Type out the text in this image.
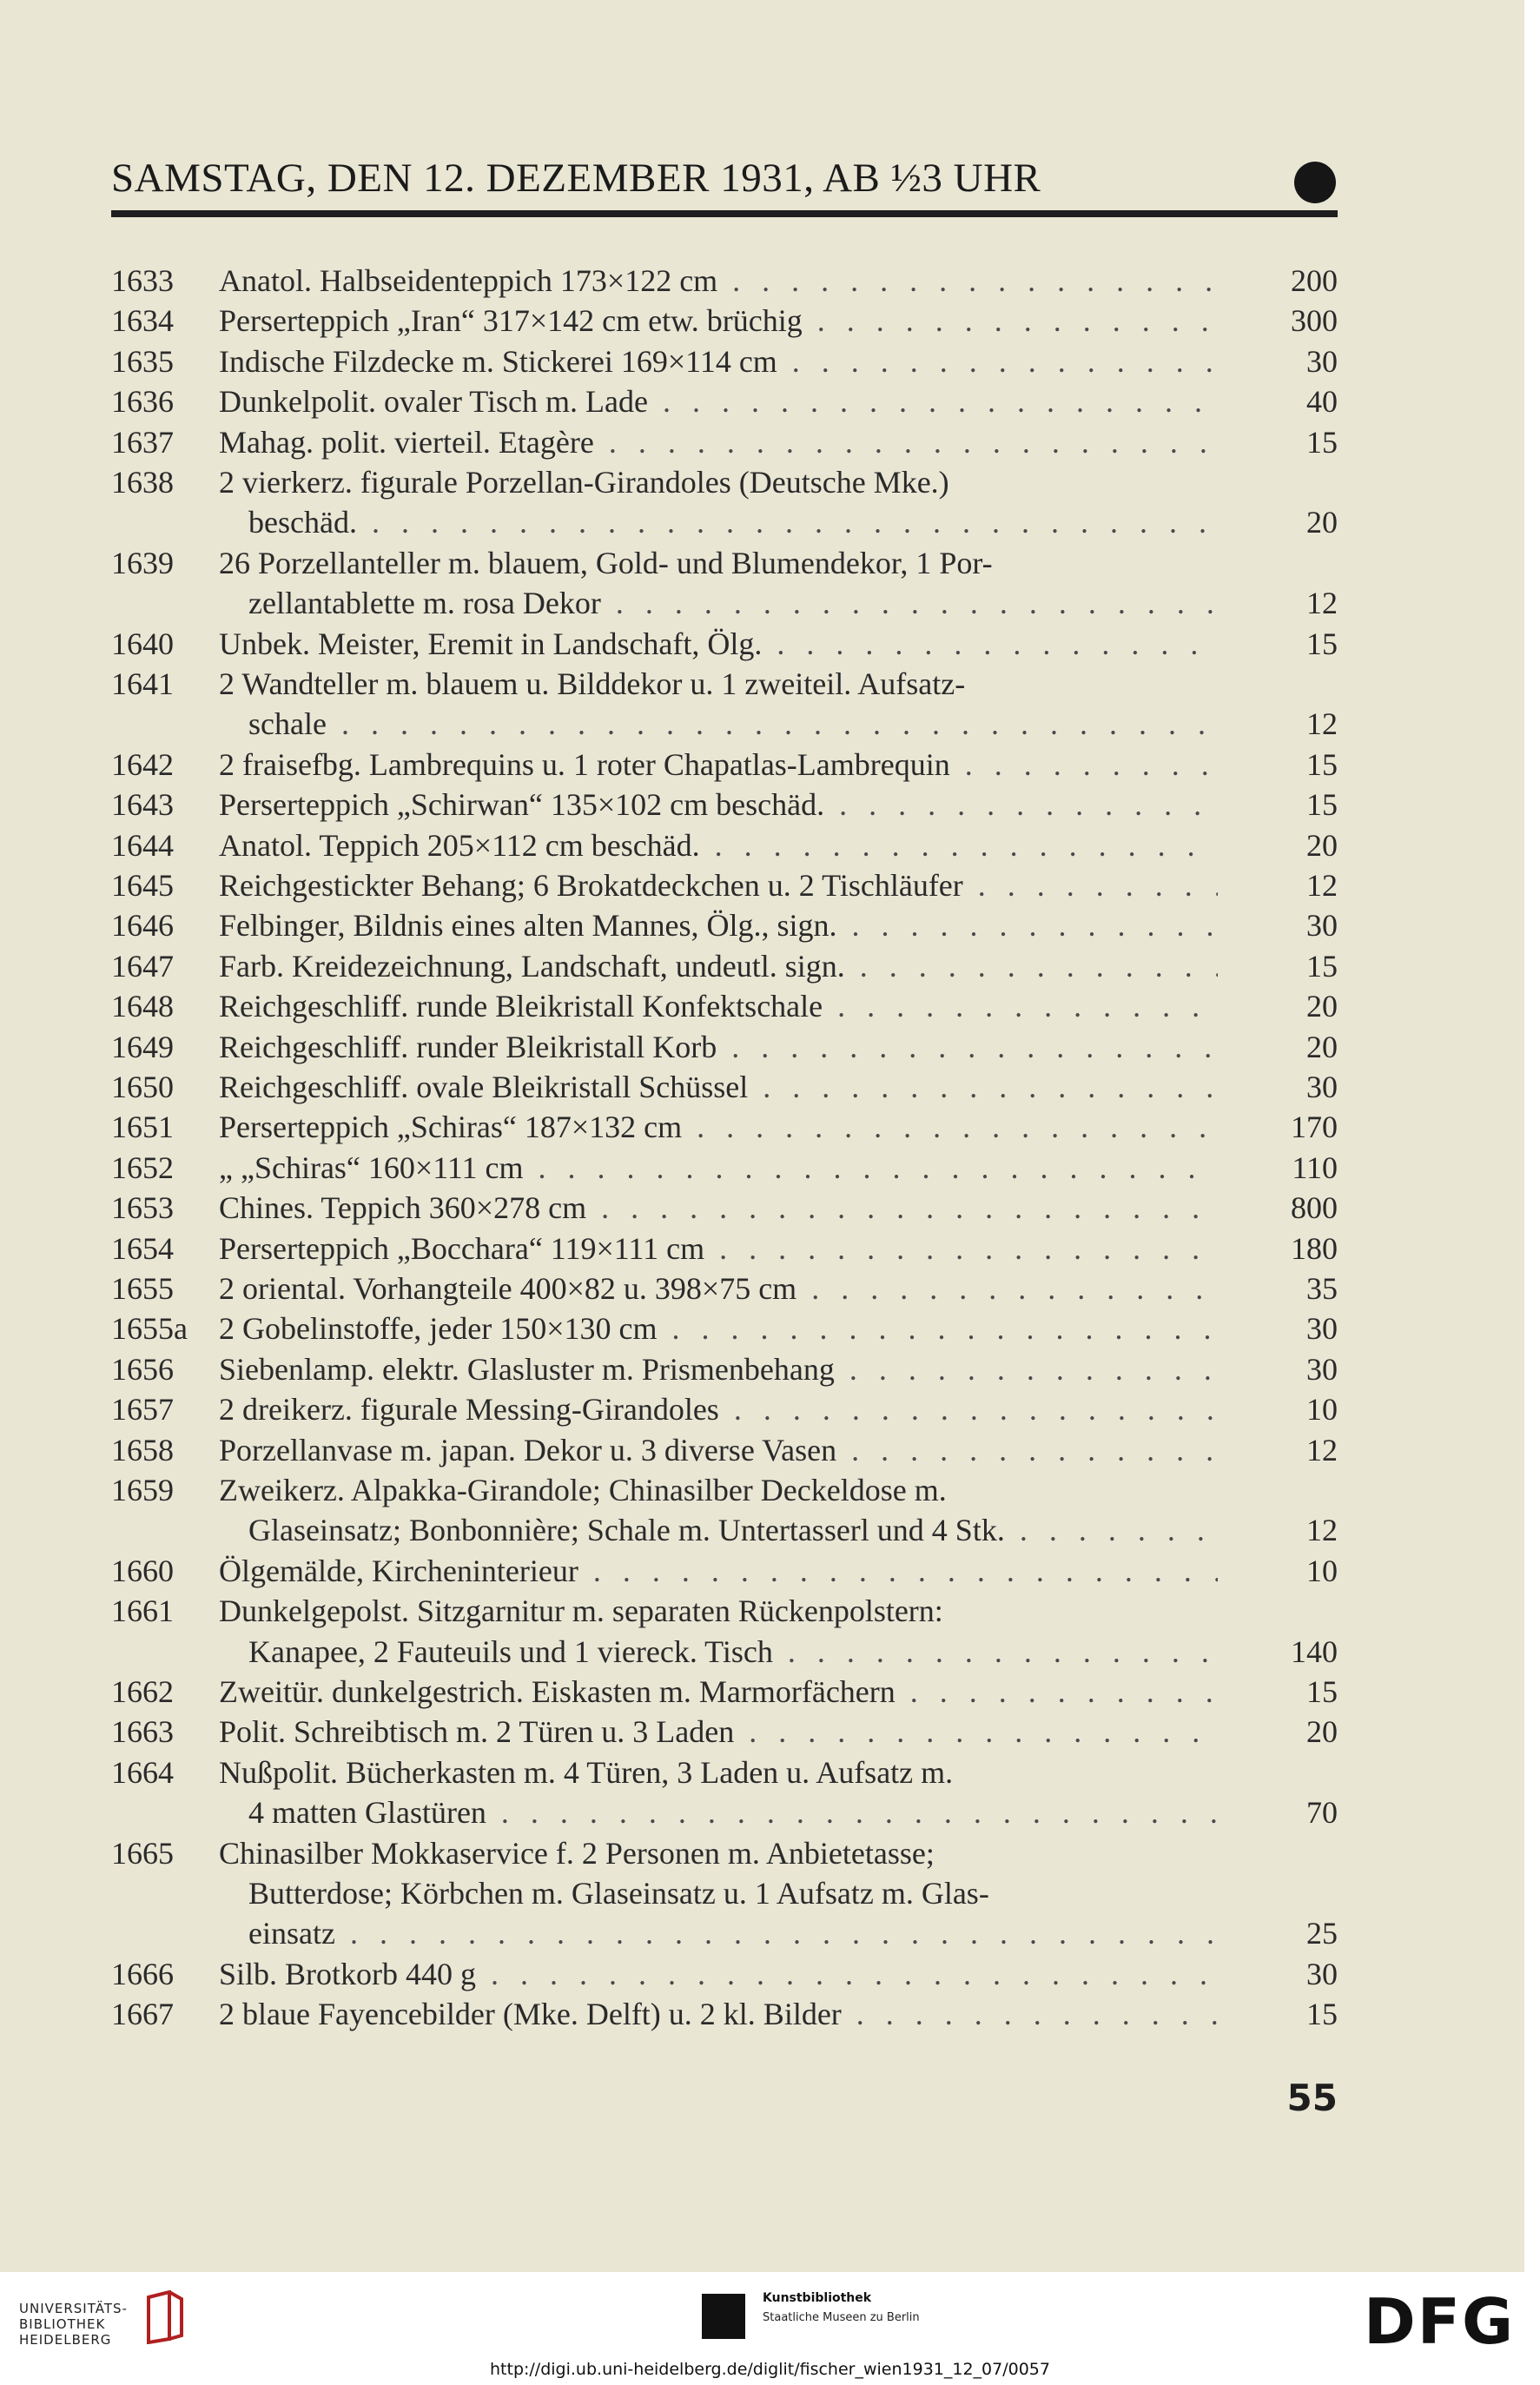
SAMSTAG, DEN 12. DEZEMBER 1931, AB ½3 UHR
1633	Anatol. Halbseidenteppich 173×122 cm . . .	200
1634	Perserteppich „Iran“ 317×142 cm etw. brüchig . . .	300
1635	Indische Filzdecke m. Stickerei 169×114 cm . . .	30
1636	Dunkelpolit. ovaler Tisch m. Lade . . .	40
1637	Mahag. polit. vierteil. Etagère . . .	15
1638	2 vierkerz. figurale Porzellan-Girandoles (Deutsche Mke.)
beschäd. . . .	20
1639	26 Porzellanteller m. blauem, Gold- und Blumendekor, 1 Por-
zellantablette m. rosa Dekor . . .	12
1640	Unbek. Meister, Eremit in Landschaft, Ölg. . . .	15
1641	2 Wandteller m. blauem u. Bilddekor u. 1 zweiteil. Aufsatz-
schale . . .	12
1642	2 fraisefbg. Lambrequins u. 1 roter Chapatlas-Lambrequin . . .	15
1643	Perserteppich „Schirwan“ 135×102 cm beschäd. . . .	15
1644	Anatol. Teppich 205×112 cm beschäd. . . .	20
1645	Reichgestickter Behang; 6 Brokatdeckchen u. 2 Tischläufer . . .	12
1646	Felbinger, Bildnis eines alten Mannes, Ölg., sign. . . .	30
1647	Farb. Kreidezeichnung, Landschaft, undeutl. sign. . . .	15
1648	Reichgeschliff. runde Bleikristall Konfektschale . . .	20
1649	Reichgeschliff. runder Bleikristall Korb . . .	20
1650	Reichgeschliff. ovale Bleikristall Schüssel . . .	30
1651	Perserteppich „Schiras“ 187×132 cm . . .	170
1652	„ „Schiras“ 160×111 cm . . .	110
1653	Chines. Teppich 360×278 cm . . .	800
1654	Perserteppich „Bocchara“ 119×111 cm . . .	180
1655	2 oriental. Vorhangteile 400×82 u. 398×75 cm . . .	35
1655a	2 Gobelinstoffe, jeder 150×130 cm . . .	30
1656	Siebenlamp. elektr. Glasluster m. Prismenbehang . . .	30
1657	2 dreikerz. figurale Messing-Girandoles . . .	10
1658	Porzellanvase m. japan. Dekor u. 3 diverse Vasen . . .	12
1659	Zweikerz. Alpakka-Girandole; Chinasilber Deckeldose m.
Glaseinsatz; Bonbonnière; Schale m. Untertasserl und 4 Stk. . . .	12
1660	Ölgemälde, Kircheninterieur . . .	10
1661	Dunkelgepolst. Sitzgarnitur m. separaten Rückenpolstern:
Kanapee, 2 Fauteuils und 1 viereck. Tisch . . .	140
1662	Zweitür. dunkelgestrich. Eiskasten m. Marmorfächern . . .	15
1663	Polit. Schreibtisch m. 2 Türen u. 3 Laden . . .	20
1664	Nußpolit. Bücherkasten m. 4 Türen, 3 Laden u. Aufsatz m.
4 matten Glastüren . . .	70
1665	Chinasilber Mokkaservice f. 2 Personen m. Anbietetasse;
Butterdose; Körbchen m. Glaseinsatz u. 1 Aufsatz m. Glas-
einsatz . . .	25
1666	Silb. Brotkorb 440 g . . .	30
1667	2 blaue Fayencebilder (Mke. Delft) u. 2 kl. Bilder . . .	15
55
UNIVERSITÄTS-
BIBLIOTHEK
HEIDELBERG
Kunstbibliothek
Staatliche Museen zu Berlin	DFG
http://digi.ub.uni-heidelberg.de/diglit/fischer_wien1931_12_07/0057
